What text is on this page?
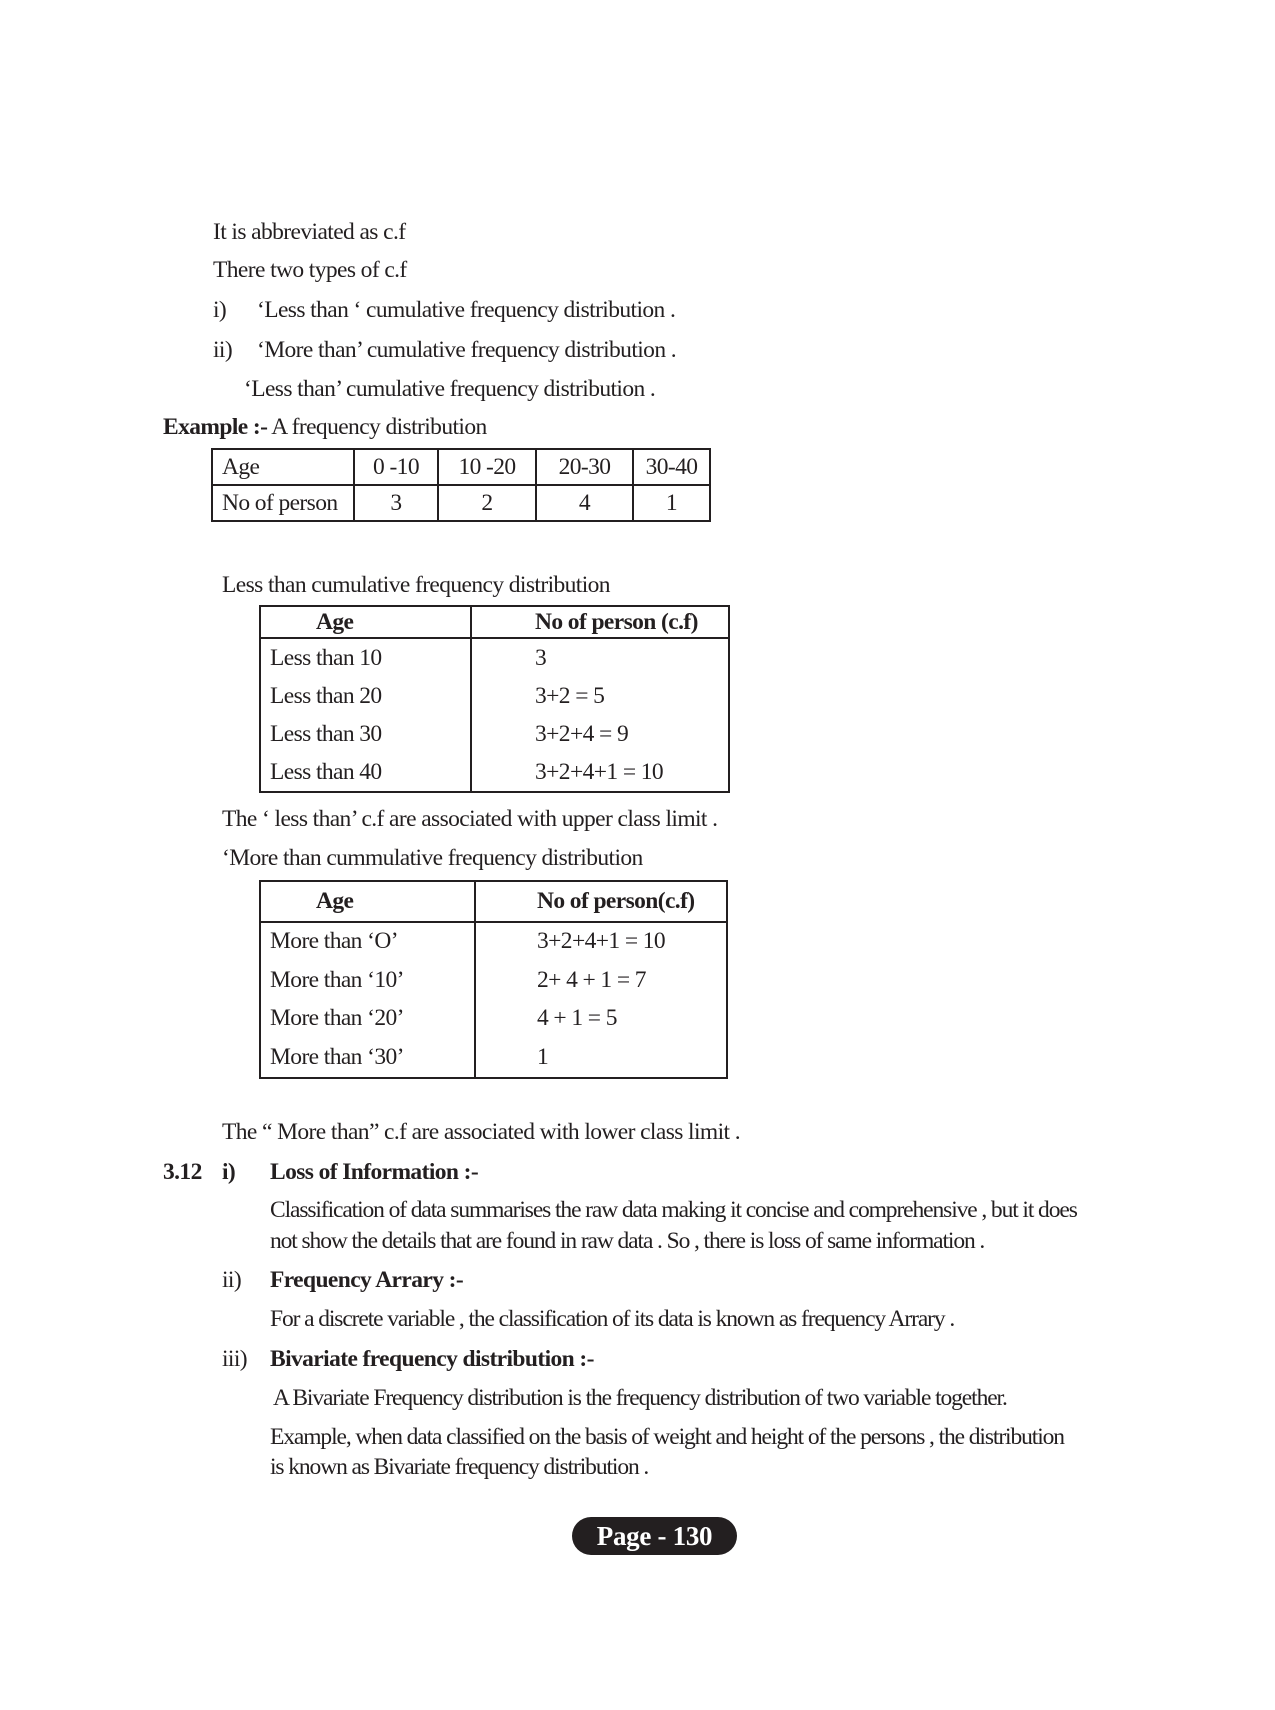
It is abbreviated as c.f
There two types of c.f
i) ‘Less than ‘ cumulative frequency distribution .
ii) ‘More than’ cumulative frequency distribution .
‘Less than’ cumulative frequency distribution .
Example :- A frequency distribution
Age	0 -10	10 -20	20-30	30-40
No of person	3	2	4	1
Less than cumulative frequency distribution
Age	No of person (c.f)
Less than 10	3
Less than 20	3+2 = 5
Less than 30	3+2+4 = 9
Less than 40	3+2+4+1 = 10
The ‘ less than’ c.f are associated with upper class limit .
‘More than cummulative frequency distribution
Age	No of person(c.f)
More than ‘O’	3+2+4+1 = 10
More than ‘10’	2+ 4 + 1 = 7
More than ‘20’	4 + 1 = 5
More than ‘30’	1
The “ More than” c.f are associated with lower class limit .
3.12 i) Loss of Information :-
Classification of data summarises the raw data making it concise and comprehensive , but it does
not show the details that are found in raw data . So , there is loss of same information .
ii) Frequency Arrary :-
For a discrete variable , the classification of its data is known as frequency Arrary .
iii) Bivariate frequency distribution :-
A Bivariate Frequency distribution is the frequency distribution of two variable together.
Example, when data classified on the basis of weight and height of the persons , the distribution
is known as Bivariate frequency distribution .
Page - 130
